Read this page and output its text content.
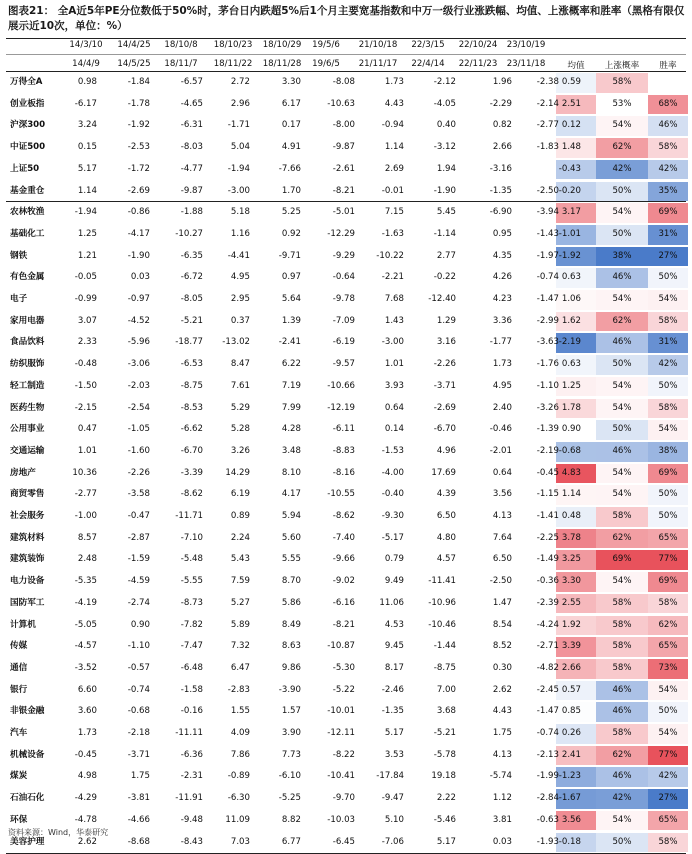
图表21： 全A近5年PE分位数低于50%时，茅台日内跌超5%后1个月主要宽基指数和中万一级行业涨跌幅、均值、上涨概率和胜率（黑格有限仅展示近10次，单位：%）
14/3/10	14/4/25	18/10/8	18/10/23	18/10/29	19/5/6	21/10/18	22/3/15	22/10/24	23/10/19
14/4/9	14/5/25	18/11/7	18/11/22	18/11/28	19/6/5	21/11/17	22/4/14	22/11/23	23/11/18	均值	上涨概率	胜率
万得全A	0.98	-1.84	-6.57	2.72	3.30	-8.08	1.73	-2.12	1.96	-2.38 0.59	58%
创业板指	-6.17	-1.78	-4.65	2.96	6.17	-10.63	4.43	-4.05	-2.29	-2.14 2.51	53%	68%
沪深300	3.24	-1.92	-6.31	-1.71	0.17	-8.00	-0.94	0.40	0.82	-2.77 0.12	54%	46%
中证500	0.15	-2.53	-8.03	5.04	4.91	-9.87	1.14	-3.12	2.66	-1.83 1.48	62%	58%
上证50	5.17	-1.72	-4.77	-1.94	-7.66	-2.61	2.69	1.94	-3.16	-0.43	42%	42%
基金重仓	1.14	-2.69	-9.87	-3.00	1.70	-8.21	-0.01	-1.90	-1.35	-2.50 -0.20	50%	35%
农林牧渔	-1.94	-0.86	-1.88	5.18	5.25	-5.01	7.15	5.45	-6.90	-3.94 3.17	54%	69%
基础化工	1.25	-4.17	-10.27	1.16	0.92	-12.29	-1.63	-1.14	0.95	-1.43 -1.01	50%	31%
钢铁	1.21	-1.90	-6.35	-4.41	-9.71	-9.29	-10.22	2.77	4.35	-1.97 -1.92	38%	27%
有色金属	-0.05	0.03	-6.72	4.95	0.97	-0.64	-2.21	-0.22	4.26	-0.74 0.63	46%	50%
电子	-0.99	-0.97	-8.05	2.95	5.64	-9.78	7.68	-12.40	4.23	-1.47 1.06	54%	54%
家用电器	3.07	-4.52	-5.21	0.37	1.39	-7.09	1.43	1.29	3.36	-2.99 1.62	62%	58%
食品饮料	2.33	-5.96	-18.77	-13.02	-2.41	-6.19	-3.00	3.16	-1.77	-3.63 -2.19	46%	31%
纺织服饰	-0.48	-3.06	-6.53	8.47	6.22	-9.57	1.01	-2.26	1.73	-1.76 0.63	50%	42%
轻工制造	-1.50	-2.03	-8.75	7.61	7.19	-10.66	3.93	-3.71	4.95	-1.10 1.25	54%	50%
医药生物	-2.15	-2.54	-8.53	5.29	7.99	-12.19	0.64	-2.69	2.40	-3.26 1.78	54%	58%
公用事业	0.47	-1.05	-6.62	5.28	4.28	-6.11	0.14	-6.70	-0.46	-1.39 0.90	50%	54%
交通运输	1.01	-1.60	-6.70	3.26	3.48	-8.83	-1.53	4.96	-2.01	-2.19 -0.68	46%	38%
房地产	10.36	-2.26	-3.39	14.29	8.10	-8.16	-4.00	17.69	0.64	-0.45 4.83	54%	69%
商贸零售	-2.77	-3.58	-8.62	6.19	4.17	-10.55	-0.40	4.39	3.56	-1.15 1.14	54%	50%
社会服务	-1.00	-0.47	-11.71	0.89	5.94	-8.62	-9.30	6.50	4.13	-1.41 0.48	58%	50%
建筑材料	8.57	-2.87	-7.10	2.24	5.60	-7.40	-5.17	4.80	7.64	-2.25 3.78	62%	65%
建筑装饰	2.48	-1.59	-5.48	5.43	5.55	-9.66	0.79	4.57	6.50	-1.49 3.25	69%	77%
电力设备	-5.35	-4.59	-5.55	7.59	8.70	-9.02	9.49	-11.41	-2.50	-0.36 3.30	54%	69%
国防军工	-4.19	-2.74	-8.73	5.27	5.86	-6.16	11.06	-10.96	1.47	-2.39 2.55	58%	58%
计算机	-5.05	0.90	-7.82	5.89	8.49	-8.21	4.53	-10.46	8.54	-4.24 1.92	58%	62%
传媒	-4.57	-1.10	-7.47	7.32	8.63	-10.87	9.45	-1.44	8.52	-2.71 3.39	58%	65%
通信	-3.52	-0.57	-6.48	6.47	9.86	-5.30	8.17	-8.75	0.30	-4.82 2.66	58%	73%
银行	6.60	-0.74	-1.58	-2.83	-3.90	-5.22	-2.46	7.00	2.62	-2.45 0.57	46%	54%
非银金融	3.60	-0.68	-0.16	1.55	1.57	-10.01	-1.35	3.68	4.43	-1.47 0.85	46%	50%
汽车	1.73	-2.18	-11.11	4.09	3.90	-12.11	5.17	-5.21	1.75	-0.74 0.26	58%	54%
机械设备	-0.45	-3.71	-6.36	7.86	7.73	-8.22	3.53	-5.78	4.13	-2.13 2.41	62%	77%
煤炭	4.98	1.75	-2.31	-0.89	-6.10	-10.41	-17.84	19.18	-5.74	-1.99 -1.23	46%	42%
石油石化	-4.29	-3.81	-11.91	-6.30	-5.25	-9.70	-9.47	2.22	1.12	-2.84 -1.67	42%	27%
环保	-4.78	-4.66	-9.48	11.09	8.82	-10.03	5.10	-5.46	3.81	-0.63 3.56	54%	65%
美容护理	2.62	-8.68	-8.43	7.03	6.77	-6.45	-7.06	5.17	0.03	-1.93 -0.18	50%	58%
资料来源：Wind，华泰研究
